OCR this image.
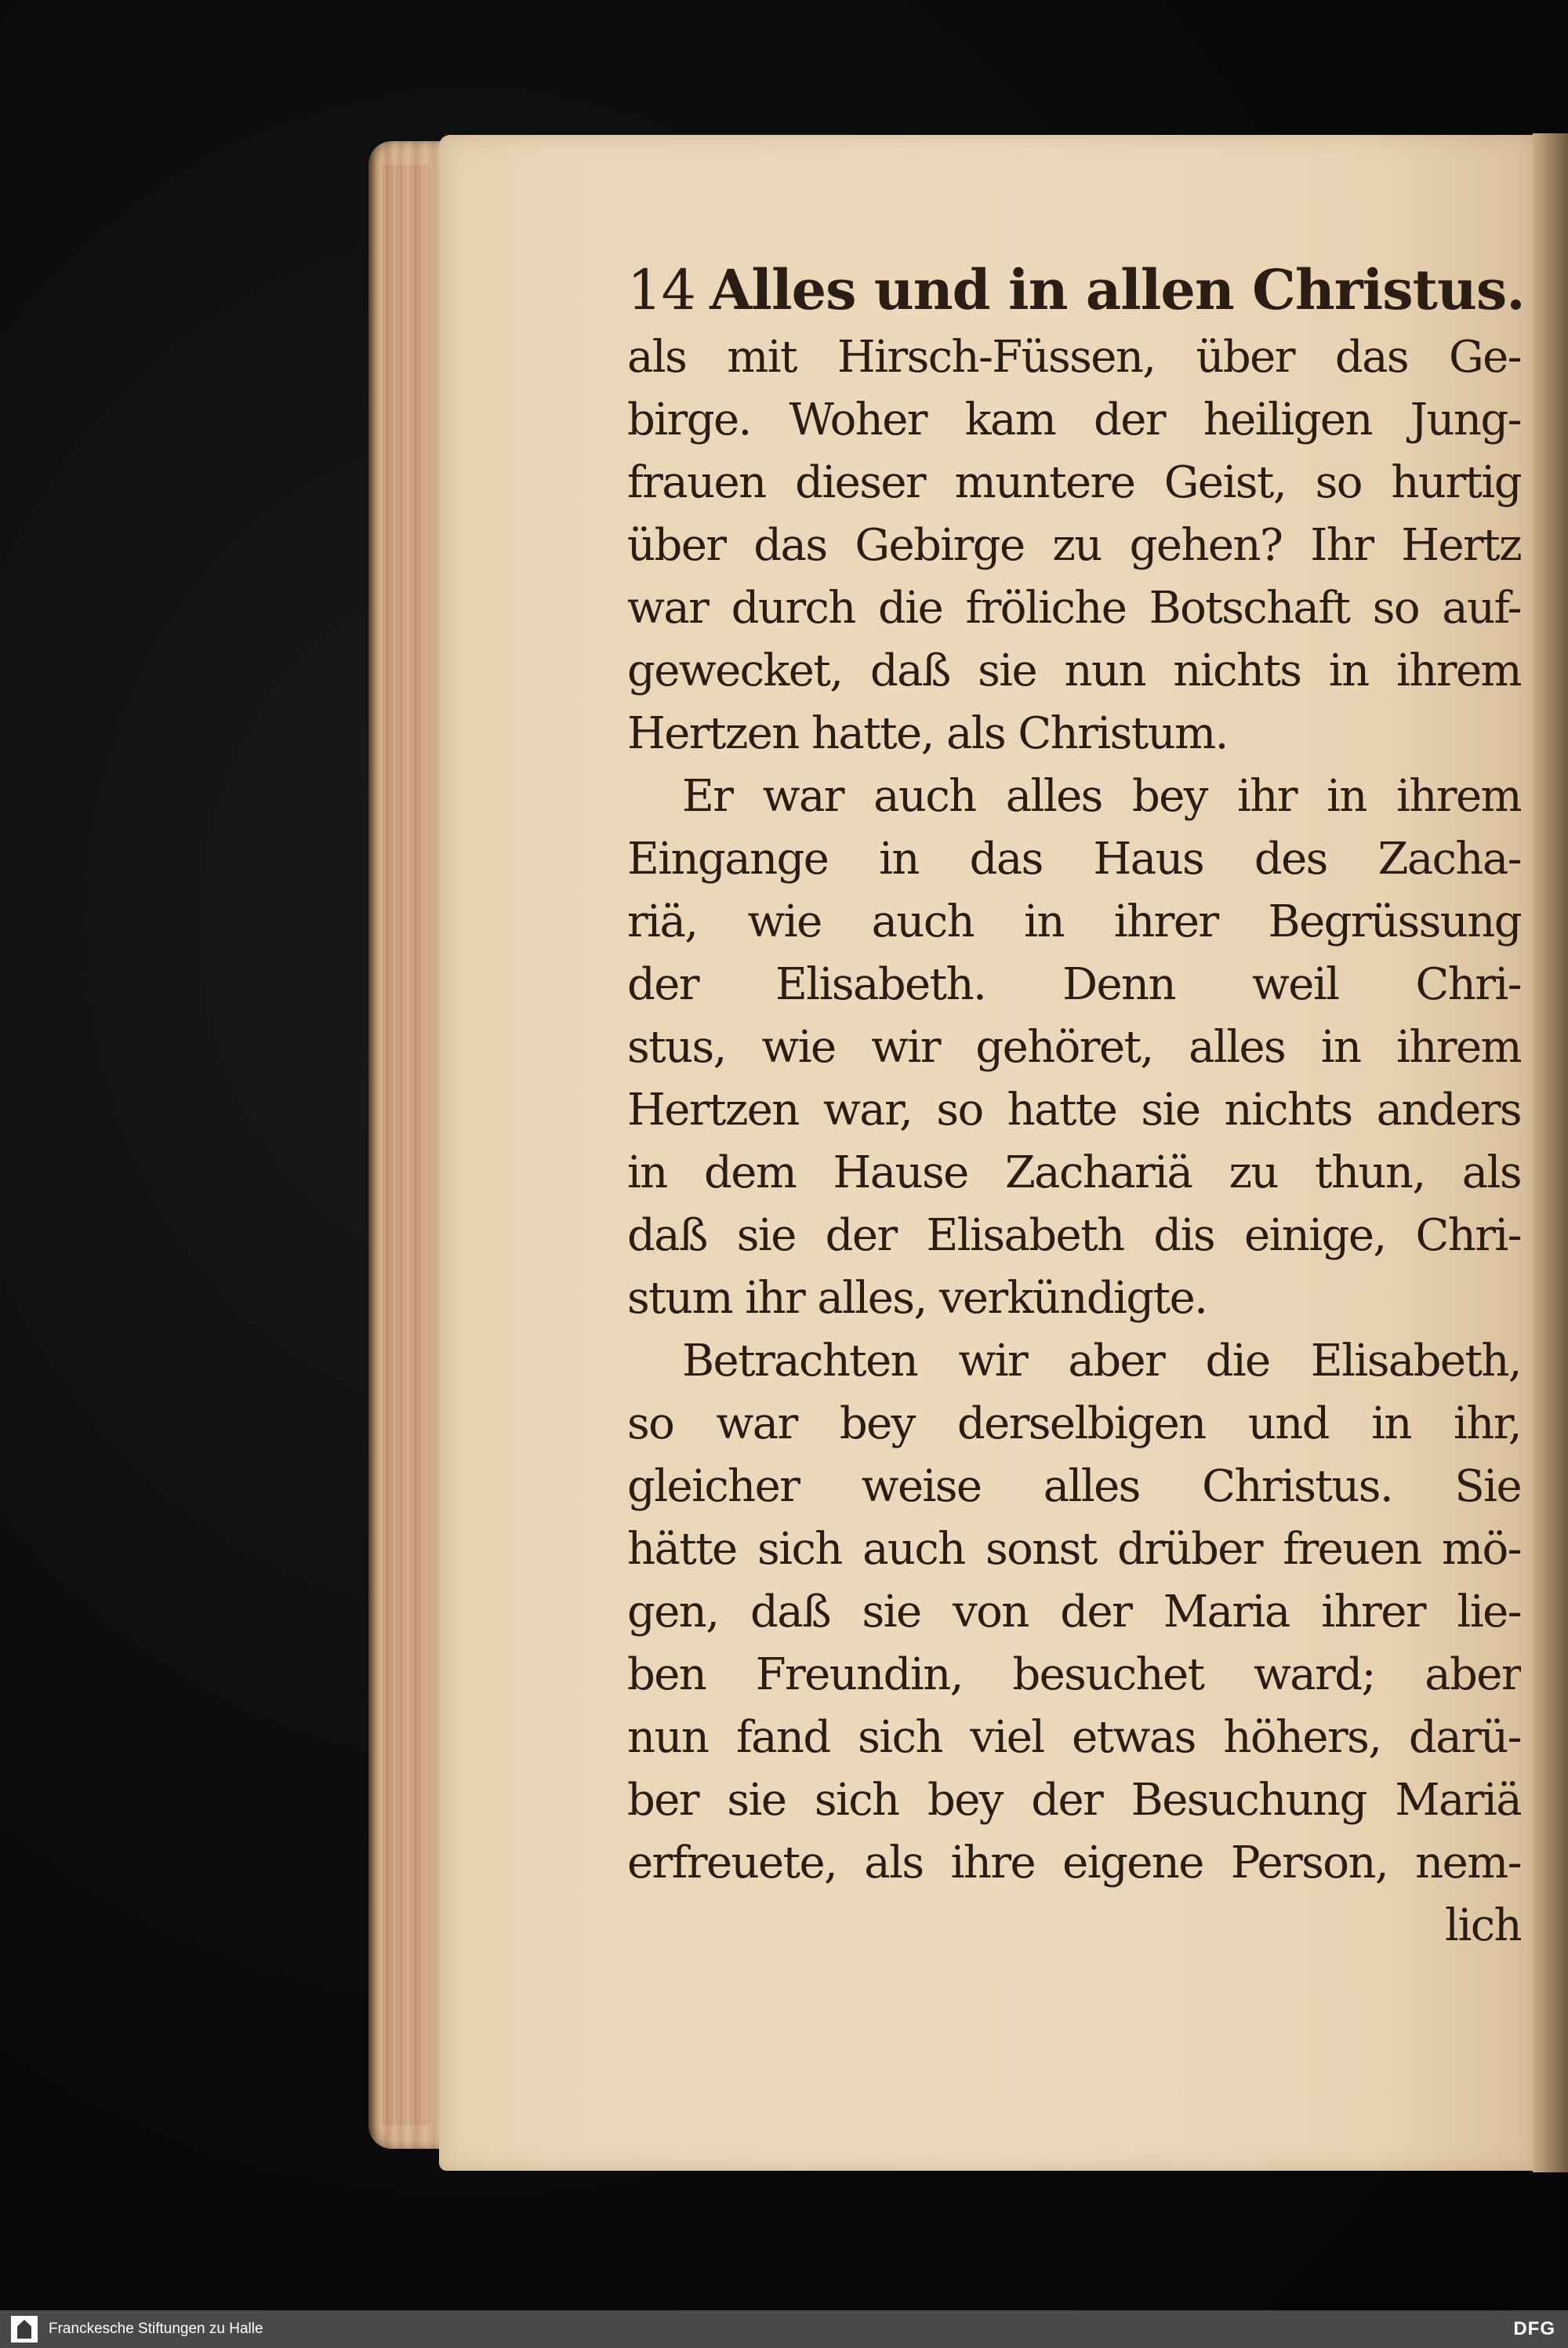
14 Alles und in allen Christus.
als mit Hirsch-Füssen, über das Ge-
birge. Woher kam der heiligen Jung-
frauen dieser muntere Geist, so hurtig
über das Gebirge zu gehen? Ihr Hertz
war durch die fröliche Botschaft so auf-
gewecket, daß sie nun nichts in ihrem
Hertzen hatte, als Christum.
Er war auch alles bey ihr in ihrem
Eingange in das Haus des Zacha-
riä, wie auch in ihrer Begrüssung
der Elisabeth. Denn weil Chri-
stus, wie wir gehöret, alles in ihrem
Hertzen war, so hatte sie nichts anders
in dem Hause Zachariä zu thun, als
daß sie der Elisabeth dis einige, Chri-
stum ihr alles, verkündigte.
Betrachten wir aber die Elisabeth,
so war bey derselbigen und in ihr,
gleicher weise alles Christus. Sie
hätte sich auch sonst drüber freuen mö-
gen, daß sie von der Maria ihrer lie-
ben Freundin, besuchet ward; aber
nun fand sich viel etwas höhers, darü-
ber sie sich bey der Besuchung Mariä
erfreuete, als ihre eigene Person, nem-
lich
Franckesche Stiftungen zu Halle	DFG
